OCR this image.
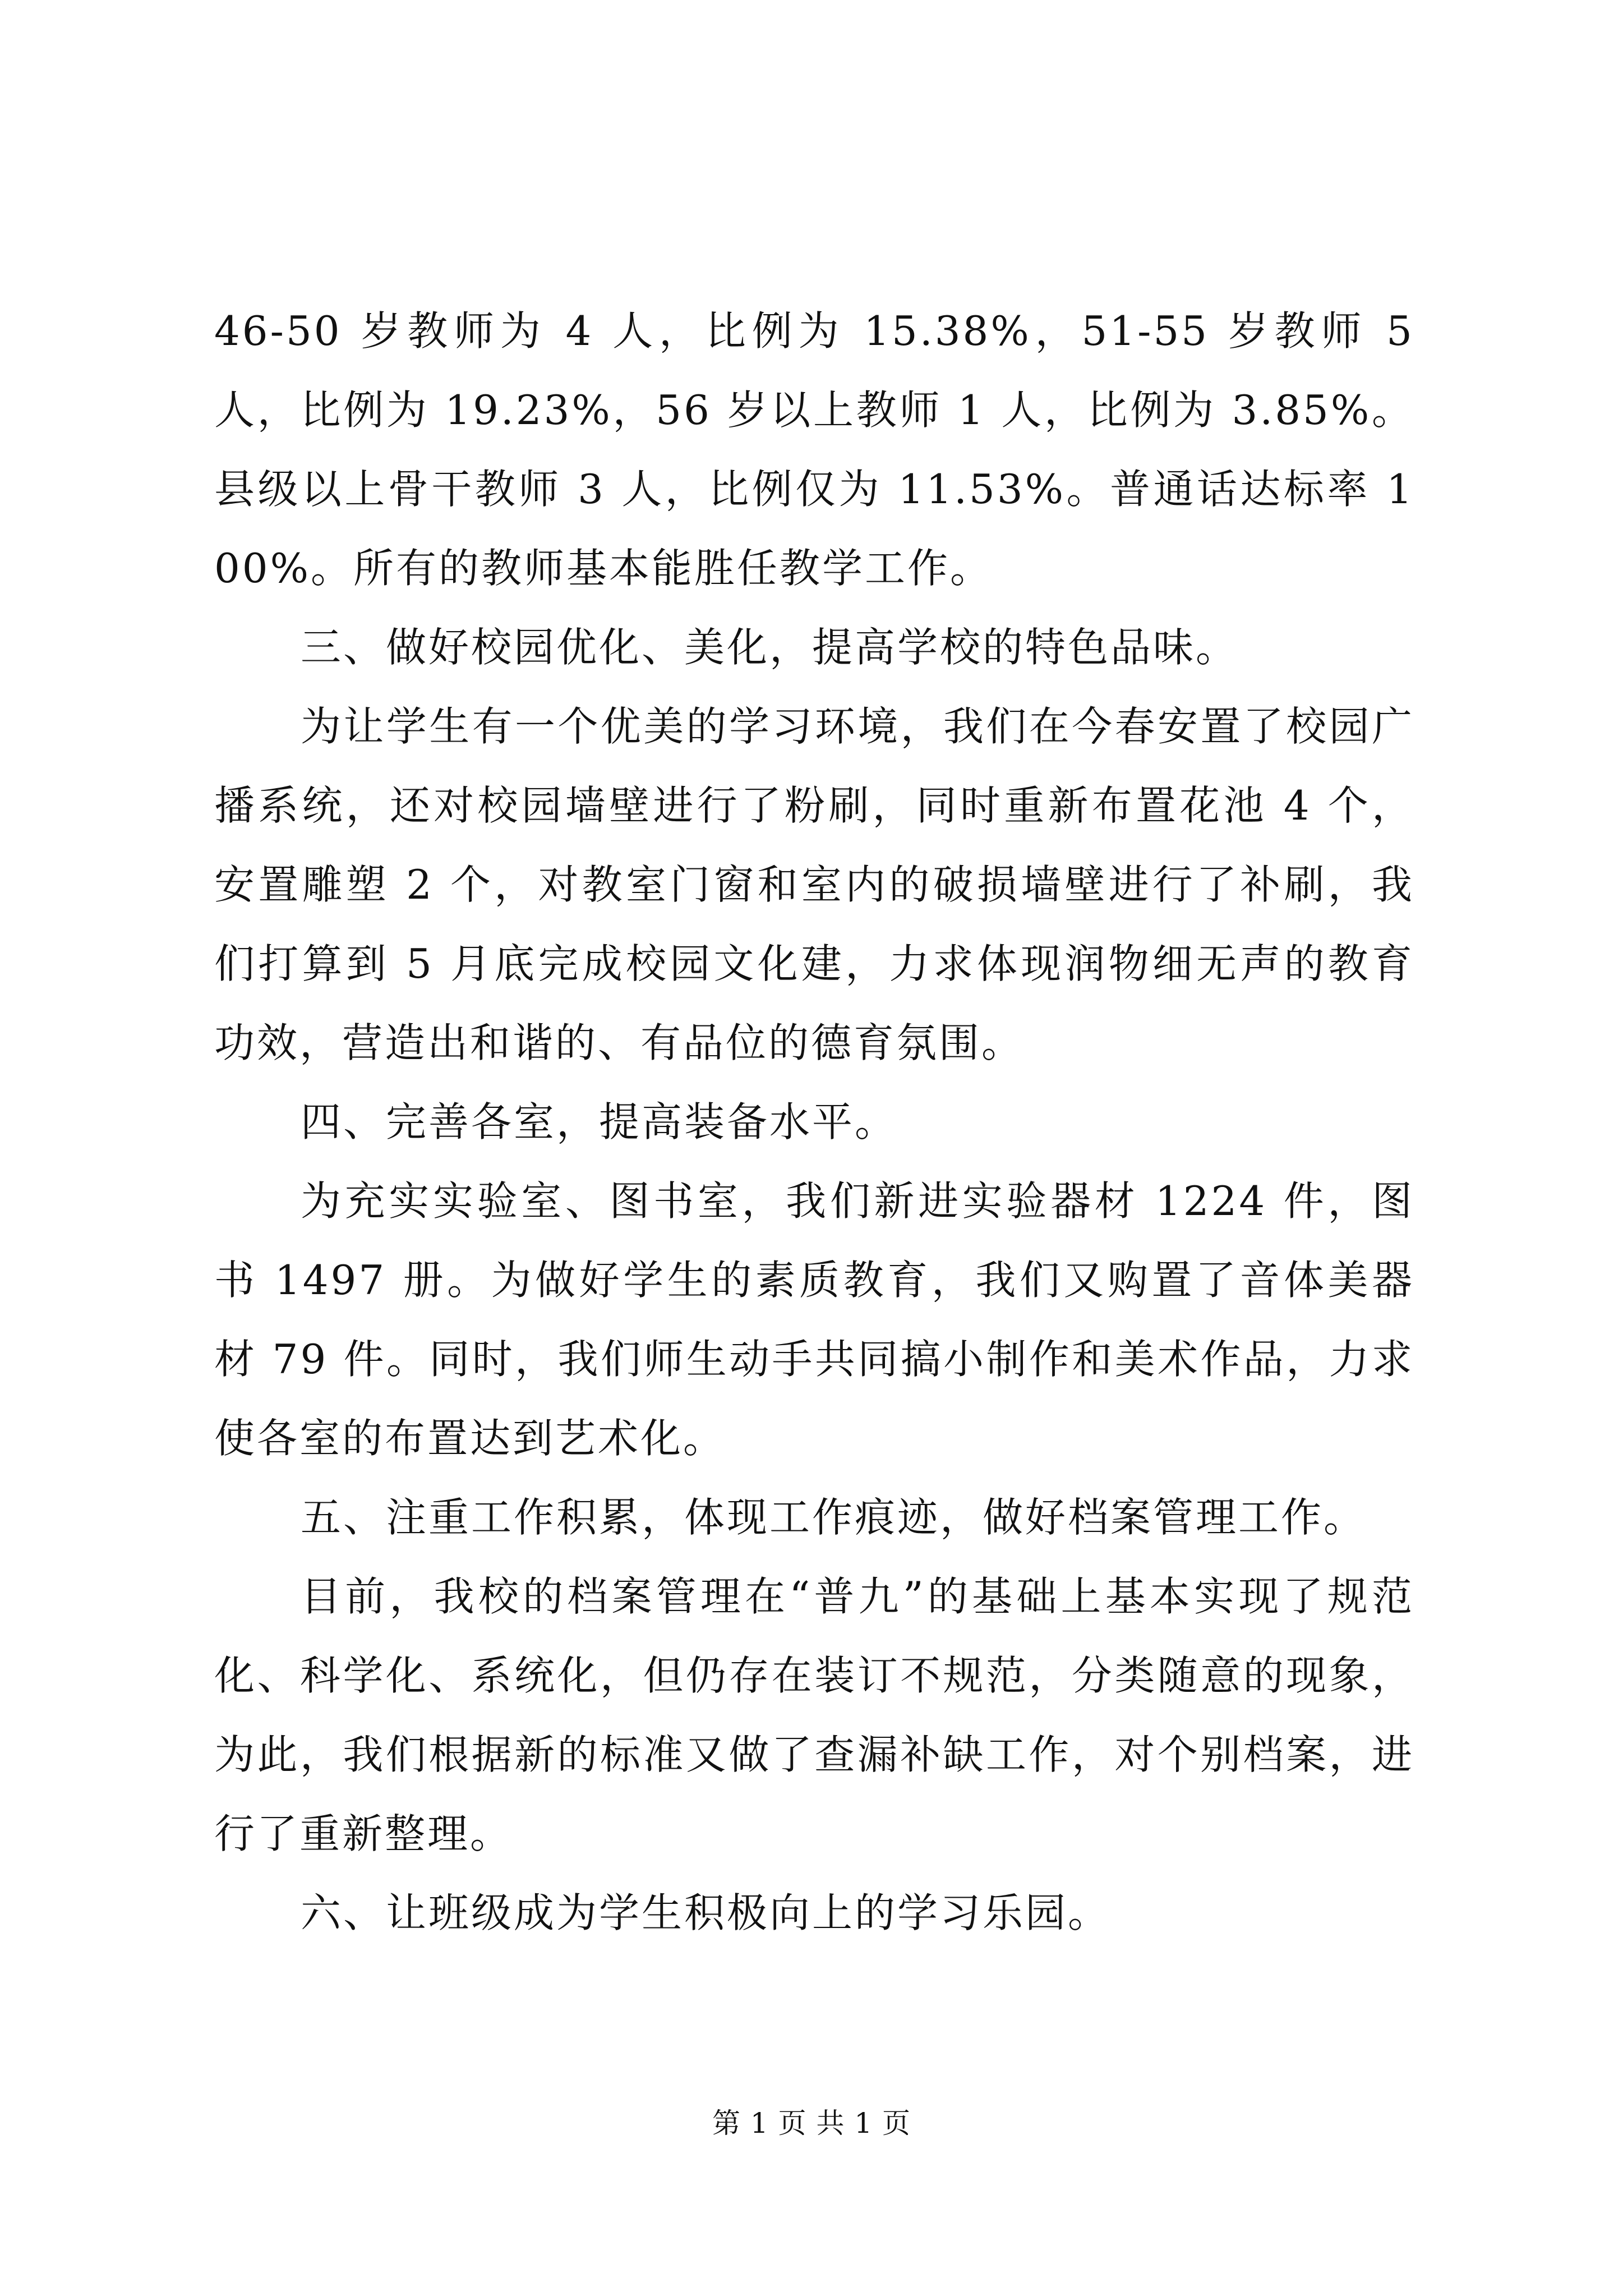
46-50 岁教师为 4 人，比例为 15.38%，51-55 岁教师 5 人，比例为 19.23%，56 岁以上教师 1 人，比例为 3.85%。县级以上骨干教师 3 人，比例仅为 11.53%。普通话达标率 100%。所有的教师基本能胜任教学工作。

三、做好校园优化、美化，提高学校的特色品味。

为让学生有一个优美的学习环境，我们在今春安置了校园广播系统，还对校园墙壁进行了粉刷，同时重新布置花池 4 个，安置雕塑 2 个，对教室门窗和室内的破损墙壁进行了补刷，我们打算到 5 月底完成校园文化建，力求体现润物细无声的教育功效，营造出和谐的、有品位的德育氛围。

四、完善各室，提高装备水平。

为充实实验室、图书室，我们新进实验器材 1224 件，图书 1497 册。为做好学生的素质教育，我们又购置了音体美器材 79 件。同时，我们师生动手共同搞小制作和美术作品，力求使各室的布置达到艺术化。

五、注重工作积累，体现工作痕迹，做好档案管理工作。

目前，我校的档案管理在“普九”的基础上基本实现了规范化、科学化、系统化，但仍存在装订不规范，分类随意的现象，为此，我们根据新的标准又做了查漏补缺工作，对个别档案，进行了重新整理。

六、让班级成为学生积极向上的学习乐园。

第 1 页 共 1 页
